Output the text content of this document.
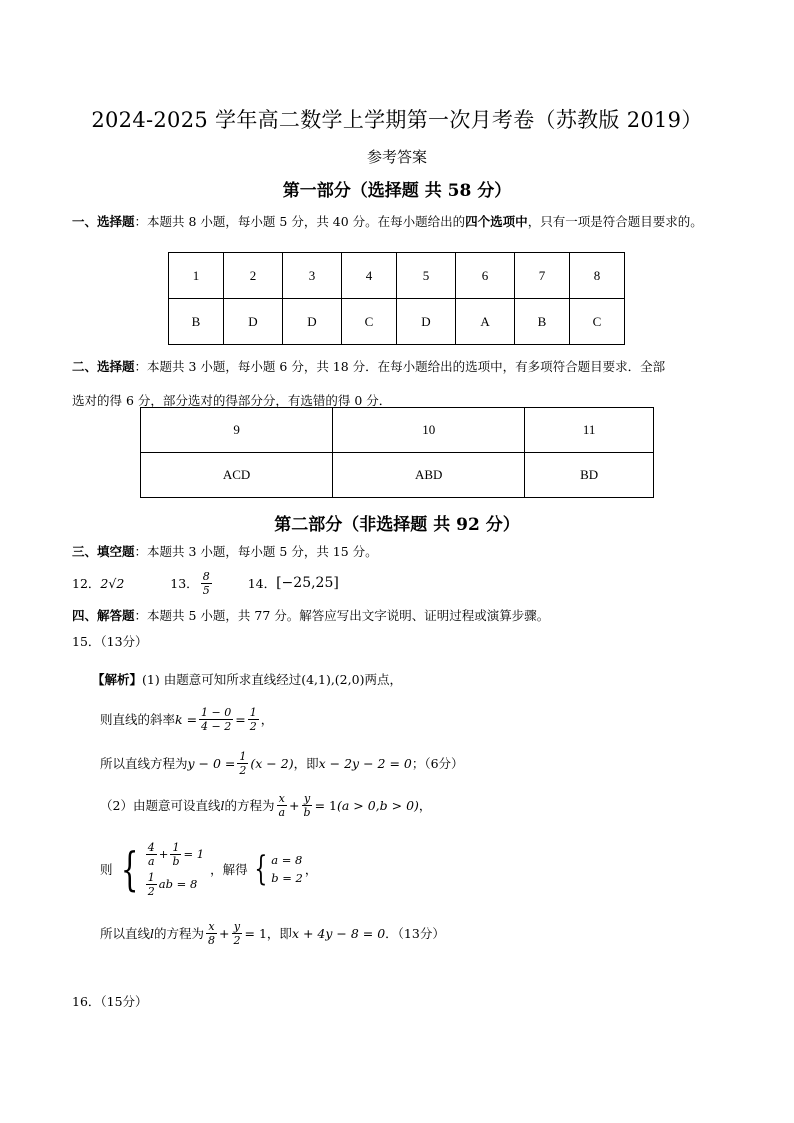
2024-2025 学年高二数学上学期第一次月考卷（苏教版 2019）
参考答案
第一部分（选择题 共 58 分）
一、选择题：本题共 8 小题，每小题 5 分，共 40 分。在每小题给出的四个选项中，只有一项是符合题目要求的。
1	2	3	4	5	6	7	8
B	D	D	C	D	A	B	C
二、选择题：本题共 3 小题，每小题 6 分，共 18 分．在每小题给出的选项中，有多项符合题目要求．全部
选对的得 6 分，部分选对的得部分分，有选错的得 0 分．
9	10	11
ACD	ABD	BD
第二部分（非选择题 共 92 分）
三、填空题：本题共 3 小题，每小题 5 分，共 15 分。
12． 2√2	13． $\frac{8}{5}$	14． [−25,25]
四、解答题：本题共 5 小题，共 77 分。解答应写出文字说明、证明过程或演算步骤。
15．（13分）
【解析】 (1) 由题意可知所求直线经过 (4,1),(2,0) 两点，
则直线的斜率 $k = \frac{1 - 0}{4 - 2} = \frac{1}{2}$ ，
所以直线方程为 $y - 0 = \frac{1}{2} (x - 2)$ ，即 x − 2y − 2 = 0 ；（6分）
（2）由题意可设直线 l 的方程为 $\frac{x}{a} + \frac{y}{b} = 1$ (a > 0,b > 0) ，
则 { $\frac{4}{a} + \frac{1}{b} = 1$
$\frac{1}{2}$ ab = 8
，解得 { a = 8
b = 2
，
所以直线 l 的方程为 $\frac{x}{8} + \frac{y}{2} = 1$ ，即 x + 4y − 8 = 0 ．（13分）
16．（15分）
